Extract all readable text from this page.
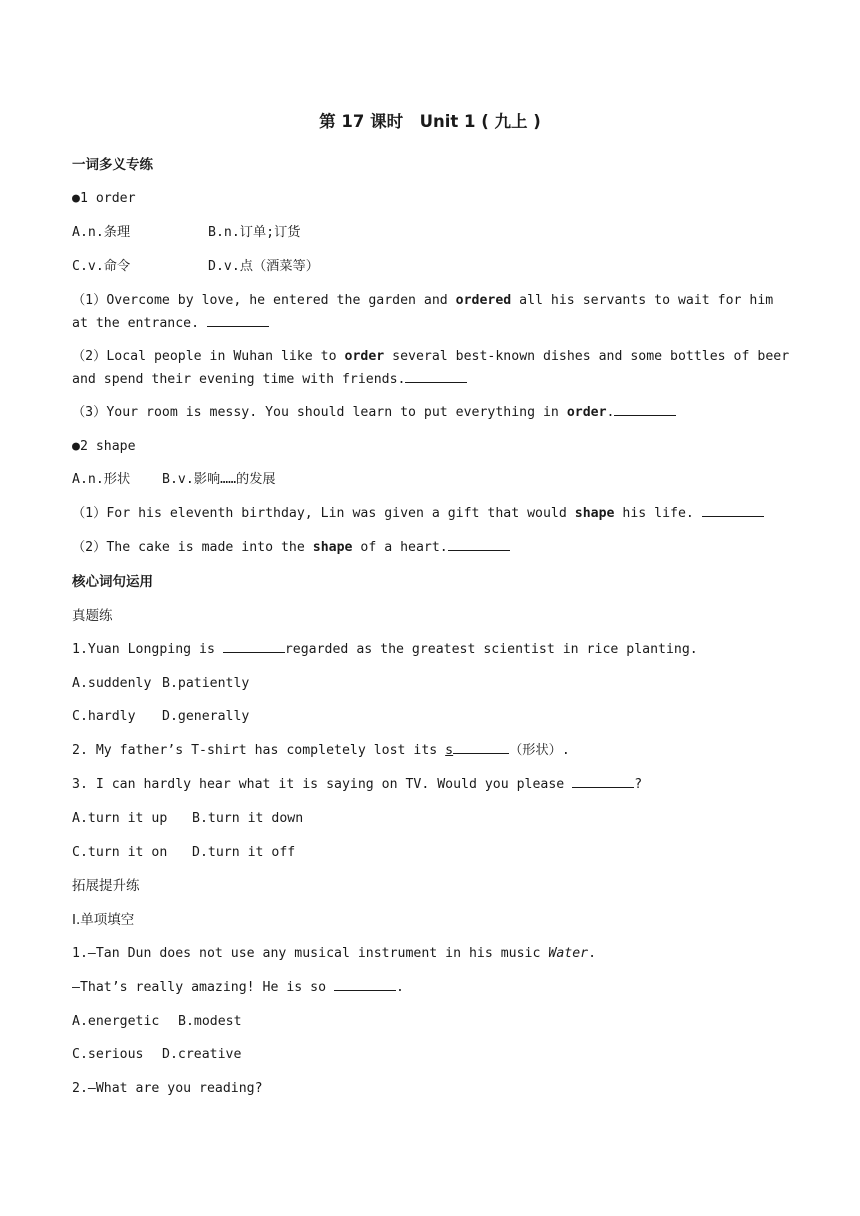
第 17 课时　Unit 1 ( 九上 )
一词多义专练
●1 order
A.n.条理	B.n.订单;订货
C.v.命令	D.v.点（酒菜等）
（1）Overcome by love, he entered the garden and ordered all his servants to wait for him at the entrance.
（2）Local people in Wuhan like to order several best-known dishes and some bottles of beer and spend their evening time with friends.
（3）Your room is messy. You should learn to put everything in order.
●2 shape
A.n.形状 B.v.影响……的发展
（1）For his eleventh birthday, Lin was given a gift that would shape his life.
（2）The cake is made into the shape of a heart.
核心词句运用
真题练
1.Yuan Longping is	regarded as the greatest scientist in rice planting.
A.suddenly B.patiently
C.hardly D.generally
2. My father’s T-shirt has completely lost its s	（形状）.
3. I can hardly hear what it is saying on TV. Would you please	?
A.turn it up B.turn it down
C.turn it on D.turn it off
拓展提升练
Ⅰ.单项填空
1.—Tan Dun does not use any musical instrument in his music Water.
—That’s really amazing! He is so	.
A.energetic B.modest
C.serious D.creative
2.—What are you reading?
